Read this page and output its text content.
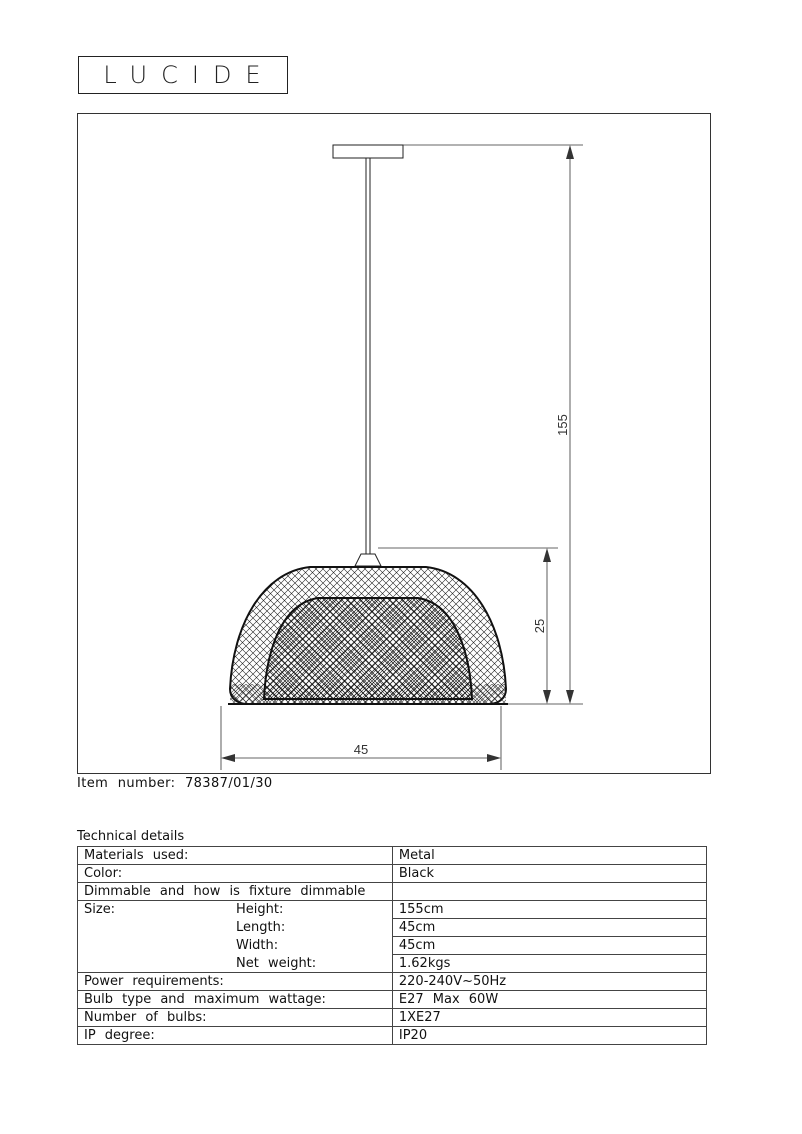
LUCIDE
155
25
45
Item number: 78387/01/30
Technical details
Materials used:	Metal
Color:	Black
Dimmable and how is fixture dimmable	
Size: Height:	155cm
Length:	45cm
Width:	45cm
Net weight:	1.62kgs
Power requirements:	220-240V~50Hz
Bulb type and maximum wattage:	E27 Max 60W
Number of bulbs:	1XE27
IP degree:	IP20
